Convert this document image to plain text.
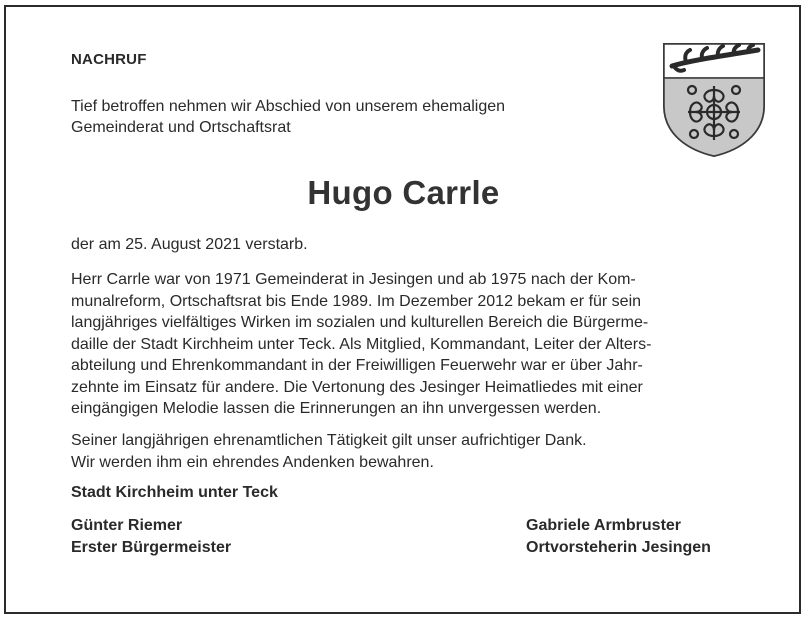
NACHRUF
Tief betroffen nehmen wir Abschied von unserem ehemaligen
Gemeinderat und Ortschaftsrat
Hugo Carrle
der am 25. August 2021 verstarb.
Herr Carrle war von 1971 Gemeinderat in Jesingen und ab 1975 nach der Kom-
munalreform, Ortschaftsrat bis Ende 1989. Im Dezember 2012 bekam er für sein
langjähriges vielfältiges Wirken im sozialen und kulturellen Bereich die Bürgerme-
daille der Stadt Kirchheim unter Teck. Als Mitglied, Kommandant, Leiter der Alters-
abteilung und Ehrenkommandant in der Freiwilligen Feuerwehr war er über Jahr-
zehnte im Einsatz für andere. Die Vertonung des Jesinger Heimatliedes mit einer
eingängigen Melodie lassen die Erinnerungen an ihn unvergessen werden.
Seiner langjährigen ehrenamtlichen Tätigkeit gilt unser aufrichtiger Dank.
Wir werden ihm ein ehrendes Andenken bewahren.
Stadt Kirchheim unter Teck
Günter Riemer
Erster Bürgermeister
Gabriele Armbruster
Ortvorsteherin Jesingen
